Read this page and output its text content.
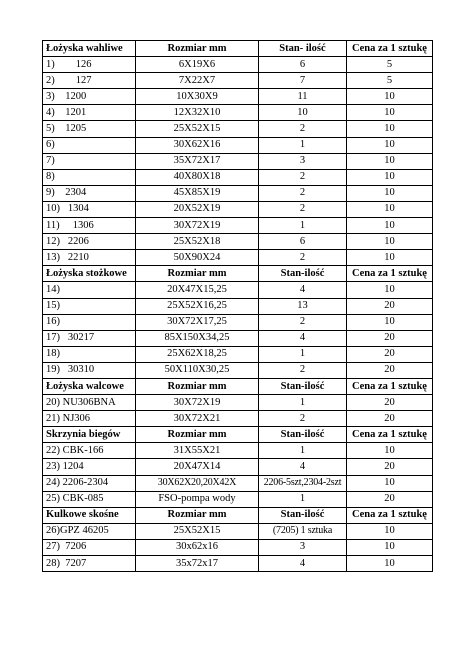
Łożyska wahliwe	Rozmiar mm	Stan- ilość	Cena za 1 sztukę
1)        126	6X19X6	6	5
2)        127	7X22X7	7	5
3)    1200	10X30X9	11	10
4)    1201	12X32X10	10	10
5)    1205	25X52X15	2	10
6)	30X62X16	1	10
7)	35X72X17	3	10
8)	40X80X18	2	10
9)    2304	45X85X19	2	10
10)   1304	20X52X19	2	10
11)     1306	30X72X19	1	10
12)   2206	25X52X18	6	10
13)   2210	50X90X24	2	10
Łożyska stożkowe	Rozmiar mm	Stan-ilość	Cena za 1 sztukę
14)	20X47X15,25	4	10
15)	25X52X16,25	13	20
16)	30X72X17,25	2	10
17)   30217	85X150X34,25	4	20
18)	25X62X18,25	1	20
19)   30310	50X110X30,25	2	20
Łożyska walcowe	Rozmiar mm	Stan-ilość	Cena za 1 sztukę
20) NU306BNA	30X72X19	1	20
21) NJ306	30X72X21	2	20
Skrzynia biegów	Rozmiar mm	Stan-ilość	Cena za 1 sztukę
22) CBK-166	31X55X21	1	10
23) 1204	20X47X14	4	20
24) 2206-2304	30X62X20,20X42X	2206-5szt,2304-2szt	10
25) CBK-085	FSO-pompa wody	1	20
Kulkowe skośne	Rozmiar mm	Stan-ilość	Cena za 1 sztukę
26)GPZ 46205	25X52X15	(7205) 1 sztuka	10
27)  7206	30x62x16	3	10
28)  7207	35x72x17	4	10
